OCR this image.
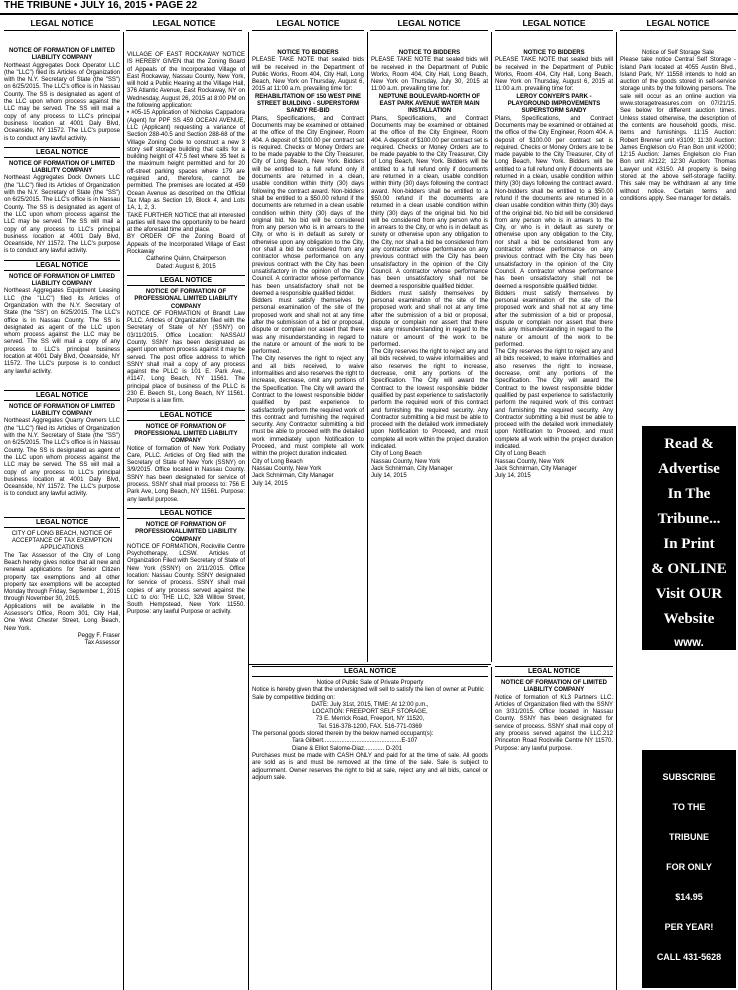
THE TRIBUNE • JULY 16, 2015 • PAGE 22
LEGAL NOTICE	LEGAL NOTICE	LEGAL NOTICE	LEGAL NOTICE	LEGAL NOTICE	LEGAL NOTICE

NOTICE OF FORMATION OF LIMITED LIABILITY COMPANY

Northeast Aggregates Dock Operator LLC (the "LLC") filed its Articles of Organization with the N.Y. Secretary of State (the "SS") on 6/25/2015. The LLC's office is in Nassau County. The SS is designated as agent of the LLC upon whom process against the LLC may be served. The SS will mail a copy of any process to LLC's principal business location at 4001 Daly Blvd, Oceanside, NY 11572. The LLC's purpose is to conduct any lawful activity.

LEGAL NOTICE

NOTICE OF FORMATION OF LIMITED LIABILITY COMPANY

Northeast Aggregates Dock Owners LLC (the "LLC") filed its Articles of Organization with the N.Y. Secretary of State (the "SS") on 6/25/2015. The LLC's office is in Nassau County. The SS is designated as agent of the LLC upon whom process against the LLC may be served. The SS will mail a copy of any process to LLC's principal business location at 4001 Daly Blvd, Oceanside, NY 11572. The LLC's purpose is to conduct any lawful activity.

LEGAL NOTICE

NOTICE OF FORMATION OF LIMITED LIABILITY COMPANY

Northeast Aggregates Equipment Leasing LLC (the "LLC") filed its Articles of Organization with the N.Y. Secretary of State (the "SS") on 6/25/2015. The LLC's office is in Nassau County. The SS is designated as agent of the LLC upon whom process against the LLC may be served. The SS will mail a copy of any process to LLC's principal business location at 4001 Daly Blvd, Oceanside, NY 11572. The LLC's purpose is to conduct any lawful activity.

LEGAL NOTICE

NOTICE OF FORMATION OF LIMITED LIABILITY COMPANY

Northeast Aggregates Quarry Owners LLC (the "LLC") filed its Articles of Organization with the N.Y. Secretary of State (the "SS") on 6/25/2015. The LLC's office is in Nassau County. The SS is designated as agent of the LLC upon whom process against the LLC may be served. The SS will mail a copy of any process to LLC's principal business location at 4001 Daly Blvd, Oceanside, NY 11572. The LLC's purpose is to conduct any lawful activity.

LEGAL NOTICE

CITY OF LONG BEACH, NOTICE OF ACCEPTANCE OF TAX EXEMPTION APPLICATIONS

The Tax Assessor of the City of Long Beach hereby gives notice that all new and renewal applications for Senior Citizen property tax exemptions and all other property tax exemptions will be accepted Monday through Friday, September 1, 2015 through November 30, 2015.

Applications will be available in the Assessor's Office, Room 301, City Hall, One West Chester Street, Long Beach, New York.

Peggy F. Fraser

Tax Assessor

VILLAGE OF EAST ROCKAWAY NOTICE IS HEREBY GIVEN that the Zoning Board of Appeals of the Incorporated Village of East Rockaway, Nassau County, New York, will hold a Public Hearing at the Village Hall, 376 Atlantic Avenue, East Rockaway, NY on Wednesday, August 26, 2015 at 8:00 PM on the following application:

• #05-15 Application of Nicholas Cappadora (Agent) for PPF SS 459 OCEAN AVENUE, LLC (Applicant) requesting a variance of Section 288-40.5 and Section 288-68 of the Village Zoning Code to construct a new 3 story self storage building that calls for a building height of 47.5 feet where 35 feet is the maximum height permitted and for 20 off-street parking spaces where 179 are required and, therefore, cannot be permitted. The premises are located at 459 Ocean Avenue as described on the Official Tax Map as Section 19, Block 4, and Lots 1A, 1, 2, 3.

TAKE FURTHER NOTICE that all interested parties will have the opportunity to be heard at the aforesaid time and place.

BY ORDER OF the Zoning Board of Appeals of the Incorporated Village of East Rockaway

Catherine Quinn, Chairperson

Dated: August 6, 2015

LEGAL NOTICE

NOTICE OF FORMATION OF PROFESSIONAL LIMITED LIABILITY COMPANY

NOTICE OF FORMATION of Brandt Law PLLC. Articles of Organization filed with the Secretary of State of NY (SSNY) on 03/11/2015. Office Location: NASSAU County. SSNY has been designated as agent upon whom process against it may be served. The post office address to which SSNY shall mail a copy of any process against the PLLC is 101 E. Park Ave., #1147, Long Beach, NY 11561. The principal place of business of the PLLC is 230 E. Beech St., Long Beach, NY 11561. Purpose is a law firm.

LEGAL NOTICE

NOTICE OF FORMATION OF PROFESSIONAL LIMITED LIABILITY COMPANY

Notice of formation of New York Podiatry Care, PLLC. Articles of Org filed with the Secretary of State of New York (SSNY) on 3/9/2015. Office located in Nassau County. SSNY has been designated for service of process. SSNY shall mail process to: 756 E Park Ave, Long Beach, NY 11561. Purpose: any lawful purpose.

LEGAL NOTICE

NOTICE OF FORMATION OF PROFESSIONALLIMITED LIABILITY COMPANY

NOTICE OF FORMATION, Rockville Centre Psychotherapy, LCSW. Articles of Organization Filed with Secretary of State of New York (SSNY) on 2/11/2015. Office location: Nassau County. SSNY designated for service of process. SSNY shall mail copies of any process served against the LLC to c/o: THE LLC, 328 Willow Street, South Hempstead, New York 11550. Purpose: any lawful Purpose or activity.

NOTICE TO BIDDERS

PLEASE TAKE NOTE that sealed bids will be received in the Department of Public Works, Room 404, City Hall, Long Beach, New York on Thursday, August 6, 2015 at 11:00 a.m. prevailing time for:

REHABILITATION OF 150 WEST PINE STREET BUILDING - SUPERSTORM SANDY RE-BID

Plans, Specifications, and Contract Documents may be examined or obtained at the office of the City Engineer, Room 404. A deposit of $100.00 per contract set is required. Checks or Money Orders are to be made payable to the City Treasurer, City of Long Beach, New York. Bidders will be entitled to a full refund only if documents are returned in a clean, usable condition within thirty (30) days following the contract award. Non-bidders shall be entitled to a $50.00 refund if the documents are returned in a clean usable condition within thirty (30) days of the original bid. No bid will be considered from any person who is in arrears to the City, or who is in default as surety or otherwise upon any obligation to the City, nor shall a bid be considered from any contractor whose performance on any previous contract with the City has been unsatisfactory in the opinion of the City Council. A contractor whose performance has been unsatisfactory shall not be deemed a responsible qualified bidder.

Bidders must satisfy themselves by personal examination of the site of the proposed work and shall not at any time after the submission of a bid or proposal, dispute or complain nor assert that there was any misunderstanding in regard to the nature or amount of the work to be performed.

The City reserves the right to reject any and all bids received, to waive informalities and also reserves the right to increase, decrease, omit any portions of the Specification. The City will award the Contract to the lowest responsible bidder qualified by past experience to satisfactorily perform the required work of this contract and furnishing the required security. Any Contractor submitting a bid must be able to proceed with the detailed work immediately upon Notification to Proceed, and must complete all work within the project duration indicated.

City of Long Beach

Nassau County, New York

Jack Schnirman, City Manager

July 14, 2015

NOTICE TO BIDDERS

PLEASE TAKE NOTE that sealed bids will be received in the Department of Public Works, Room 404, City Hall, Long Beach, New York on Thursday, July 30, 2015 at 11:00 a.m. prevailing time for:

NEPTUNE BOULEVARD-NORTH OF EAST PARK AVENUE WATER MAIN INSTALLATION

Plans, Specifications, and Contract Documents may be examined or obtained at the office of the City Engineer, Room 404. A deposit of $100.00 per contract set is required. Checks or Money Orders are to be made payable to the City Treasurer, City of Long Beach, New York. Bidders will be entitled to a full refund only if documents are returned in a clean, usable condition within thirty (30) days following the contract award. Non-bidders shall be entitled to a $50.00 refund if the documents are returned in a clean usable condition within thirty (30) days of the original bid. No bid will be considered from any person who is in arrears to the City, or who is in default as surety or otherwise upon any obligation to the City, nor shall a bid be considered from any contractor whose performance on any previous contract with the City has been unsatisfactory in the opinion of the City Council. A contractor whose performance has been unsatisfactory shall not be deemed a responsible qualified bidder.

Bidders must satisfy themselves by personal examination of the site of the proposed work and shall not at any time after the submission of a bid or proposal, dispute or complain nor assert that there was any misunderstanding in regard to the nature or amount of the work to be performed.

The City reserves the right to reject any and all bids received, to waive informalities and also reserves the right to increase, decrease, omit any portions of the Specification. The City will award the Contract to the lowest responsible bidder qualified by past experience to satisfactorily perform the required work of this contract and furnishing the required security. Any Contractor submitting a bid must be able to proceed with the detailed work immediately upon Notification to Proceed, and must complete all work within the project duration indicated.

City of Long Beach

Nassau County, New York

Jack Schnirman, City Manager

July 14, 2015

NOTICE TO BIDDERS

PLEASE TAKE NOTE that sealed bids will be received in the Department of Public Works, Room 404, City Hall, Long Beach, New York on Thursday, August 6, 2015 at 11:00 a.m. prevailing time for:

LEROY CONYER'S PARK - PLAYGROUND IMPROVEMENTS SUPERSTORM SANDY

Plans, Specifications, and Contract Documents may be examined or obtained at the office of the City Engineer, Room 404. A deposit of $100.00 per contract set is required. Checks or Money Orders are to be made payable to the City Treasurer, City of Long Beach, New York. Bidders will be entitled to a full refund only if documents are returned in a clean, usable condition within thirty (30) days following the contract award. Non-bidders shall be entitled to a $50.00 refund if the documents are returned in a clean usable condition within thirty (30) days of the original bid. No bid will be considered from any person who is in arrears to the City, or who is in default as surety or otherwise upon any obligation to the City, nor shall a bid be considered from any contractor whose performance on any previous contract with the City has been unsatisfactory in the opinion of the City Council. A contractor whose performance has been unsatisfactory shall not be deemed a responsible qualified bidder.

Bidders must satisfy themselves by personal examination of the site of the proposed work and shall not at any time after the submission of a bid or proposal, dispute or complain nor assert that there was any misunderstanding in regard to the nature or amount of the work to be performed.

The City reserves the right to reject any and all bids received, to waive informalities and also reserves the right to increase, decrease, omit any portions of the Specification. The City will award the Contract to the lowest responsible bidder qualified by past experience to satisfactorily perform the required work of this contract and furnishing the required security. Any Contractor submitting a bid must be able to proceed with the detailed work immediately upon Notification to Proceed, and must complete all work within the project duration indicated.

City of Long Beach

Nassau County, New York

Jack Schnirman, City Manager

July 14, 2015

LEGAL NOTICE

NOTICE OF FORMATION OF LIMITED LIABILITY COMPANY

Notice of formation of KL3 Partners LLC. Articles of Organization filed with the SSNY on 3/31/2015. Office located in Nassau County. SSNY has been designated for service of process. SSNY shall mail copy of any process served against the LLC.212 Princeton Road Rockville Centre NY 11570. Purpose: any lawful purpose.

Notice of Self Storage Sale

Please take notice Central Self Storage - Island Park located at 4055 Austin Blvd., Island Park, NY 11558 intends to hold an auction of the goods stored in self-service storage units by the following persons. The sale will occur as an online auction via www.storagetreasures.com on 07/21/15. See below for different auction times. Unless stated otherwise, the description of the contents are household goods, misc. items and furnishings. 11:15 Auction: Robert Brenner unit #3109; 11:30 Auction: James Englelson c/o Fran Bon unit #2000; 12:15 Auction: James Englelson c/o Fran Bon unit #2122; 12:30 Auction: Thomas Lawyer unit #3150. All property is being stored at the above self-storage facility. This sale may be withdrawn at any time without notice. Certain terms and conditions apply. See manager for details.

Read &
Advertise
In The
Tribune...
In Print
& ONLINE
Visit OUR
Website
www.
Litribune.com
SUBSCRIBE
TO THE
TRIBUNE
FOR ONLY
$14.95
PER YEAR!
CALL 431-5628
LEGAL NOTICE

Notice of Public Sale of Private Property

Notice is hereby given that the undersigned will sell to satisfy the lien of owner at Public Sale by competitive bidding on:

DATE: July 31st, 2015, TIME: At 12:00 p.m.,

LOCATION: FREEPORT SELF STORAGE,

73 E. Merrick Road, Freeport, NY 11520,

Tel. 516-378-1200, FAX. 516-771-0369

The personal goods stored therein by the below named occupant(s):

Tara Gilbert...............................................E-107

Diane & Elliot Salome-Diaz............ D-201

Purchases must be made with CASH ONLY and paid for at the time of sale. All goods are sold as is and must be removed at the time of the sale. Sale is subject to adjournment. Owner reserves the right to bid at sale, reject any and all bids, cancel or adjourn sale.
